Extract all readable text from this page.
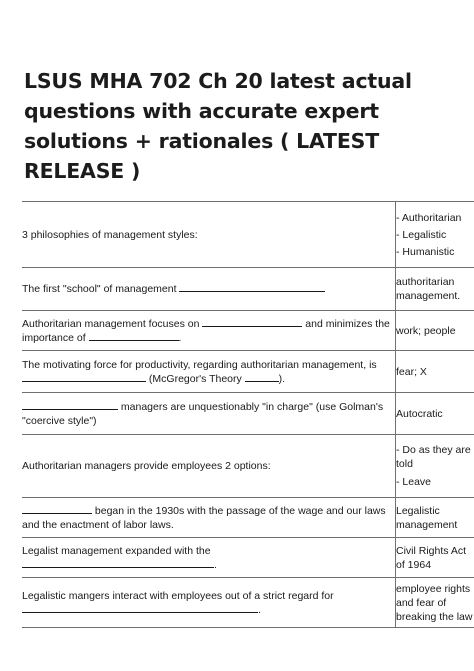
LSUS MHA 702 Ch 20 latest actual questions with accurate expert solutions + rationales ( LATEST RELEASE )
3 philosophies of management styles:	- Authoritarian
- Legalistic
- Humanistic

The first "school" of management	authoritarian
management.

Authoritarian management focuses on and minimizes the importance of .	work; people

The motivating force for productivity, regarding authoritarian management, is  (McGregor's Theory ).	fear; X

managers are unquestionably "in charge" (use Golman's "coercive style")	Autocratic

Authoritarian managers provide employees 2 options:	- Do as they are
told
- Leave

began in the 1930s with the passage of the wage and our laws and the enactment of labor laws.	Legalistic
management

Legalist management expanded with the
.	Civil Rights Act
of 1964

Legalistic mangers interact with employees out of a strict regard for
.	employee rights
and fear of
breaking the law
